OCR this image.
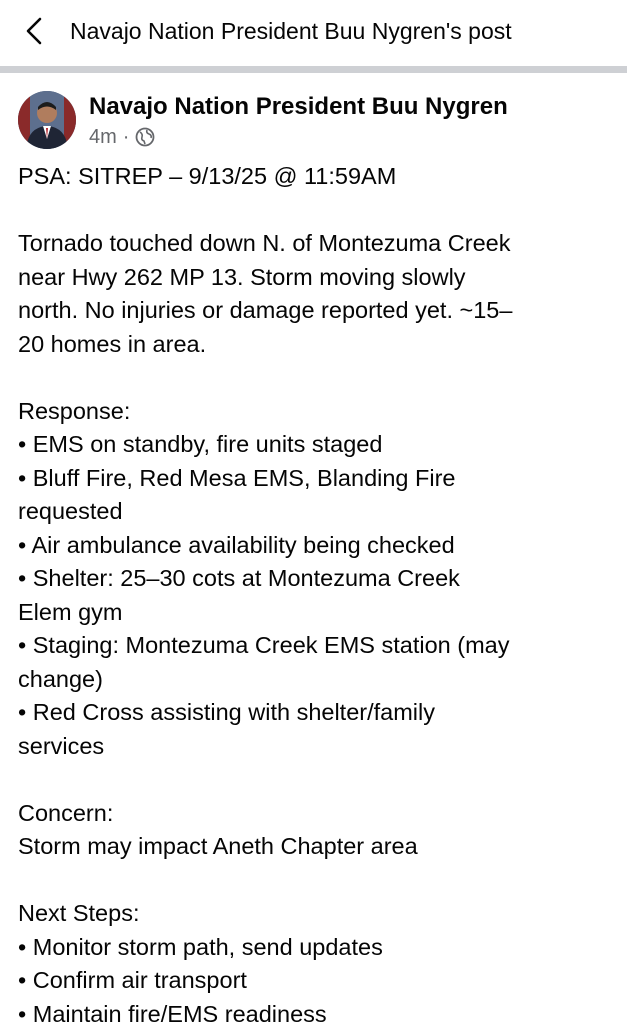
Navajo Nation President Buu Nygren's post
Navajo Nation President Buu Nygren
4m ·
PSA: SITREP – 9/13/25 @ 11:59AM
Tornado touched down N. of Montezuma Creek
near Hwy 262 MP 13. Storm moving slowly
north. No injuries or damage reported yet. ~15–
20 homes in area.
Response:
• EMS on standby, fire units staged
• Bluff Fire, Red Mesa EMS, Blanding Fire
requested
• Air ambulance availability being checked
• Shelter: 25–30 cots at Montezuma Creek
Elem gym
• Staging: Montezuma Creek EMS station (may
change)
• Red Cross assisting with shelter/family
services
Concern:
Storm may impact Aneth Chapter area
Next Steps:
• Monitor storm path, send updates
• Confirm air transport
• Maintain fire/EMS readiness
